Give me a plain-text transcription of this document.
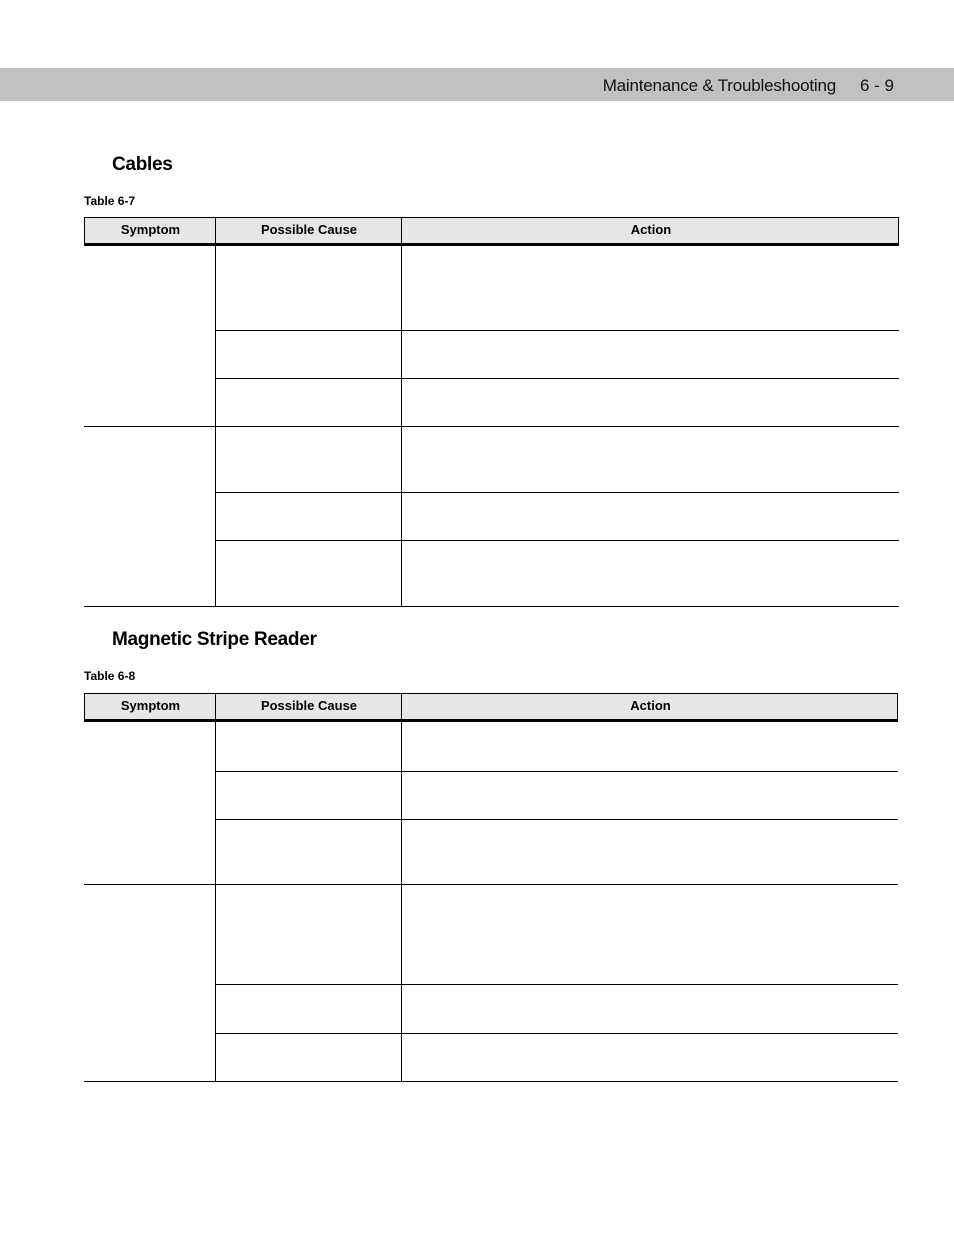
Maintenance & Troubleshooting 6 - 9
Cables
Table 6-7
Symptom	Possible Cause	Action
Magnetic Stripe Reader
Table 6-8
Symptom	Possible Cause	Action
